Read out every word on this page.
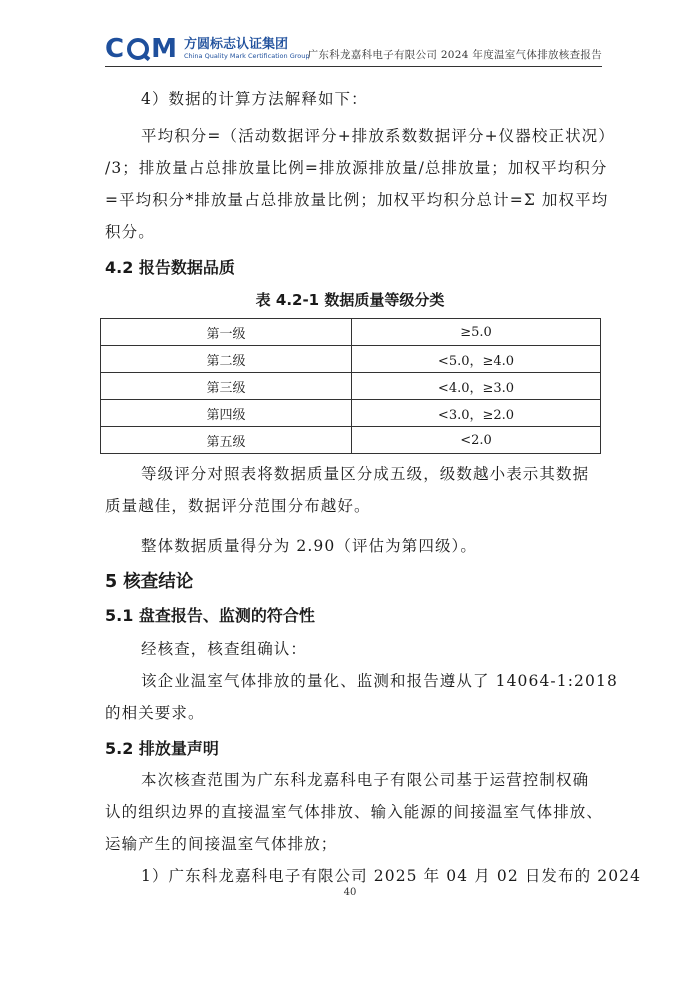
C M 方圆标志认证集团
China Quality Mark Certification Group
广东科龙嘉科电子有限公司 2024 年度温室气体排放核查报告
4）数据的计算方法解释如下：
平均积分=（活动数据评分+排放系数数据评分+仪器校正状况）
/3；排放量占总排放量比例=排放源排放量/总排放量；加权平均积分
=平均积分*排放量占总排放量比例；加权平均积分总计=Σ 加权平均
积分。
4.2 报告数据品质
表 4.2-1 数据质量等级分类
第一级	≥5.0
第二级	<5.0，≥4.0
第三级	<4.0，≥3.0
第四级	<3.0，≥2.0
第五级	<2.0
等级评分对照表将数据质量区分成五级，级数越小表示其数据
质量越佳，数据评分范围分布越好。
整体数据质量得分为 2.90（评估为第四级）。
5 核查结论
5.1 盘查报告、监测的符合性
经核查，核查组确认：
该企业温室气体排放的量化、监测和报告遵从了 14064-1:2018
的相关要求。
5.2 排放量声明
本次核查范围为广东科龙嘉科电子有限公司基于运营控制权确
认的组织边界的直接温室气体排放、输入能源的间接温室气体排放、
运输产生的间接温室气体排放；
1）广东科龙嘉科电子有限公司 2025 年 04 月 02 日发布的 2024
40
